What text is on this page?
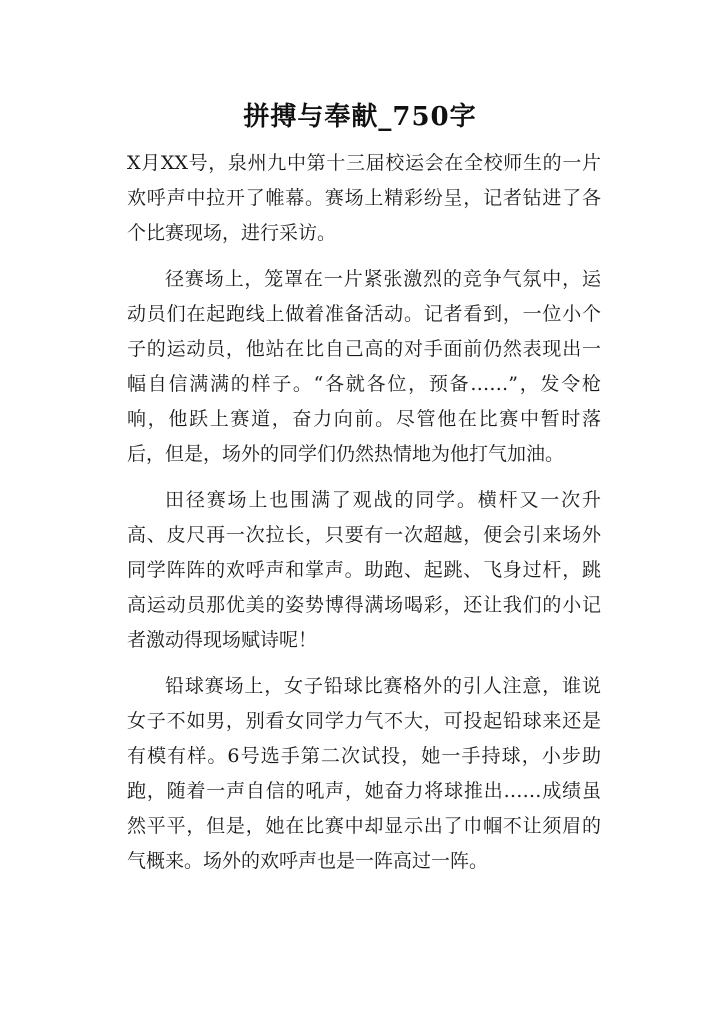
拼搏与奉献_750字

X月XX号，泉州九中第十三届校运会在全校师生的一片欢呼声中拉开了帷幕。赛场上精彩纷呈，记者钻进了各个比赛现场，进行采访。

径赛场上，笼罩在一片紧张激烈的竞争气氛中，运动员们在起跑线上做着准备活动。记者看到，一位小个子的运动员，他站在比自己高的对手面前仍然表现出一幅自信满满的样子。“各就各位，预备……”，发令枪响，他跃上赛道，奋力向前。尽管他在比赛中暂时落后，但是，场外的同学们仍然热情地为他打气加油。

田径赛场上也围满了观战的同学。横杆又一次升高、皮尺再一次拉长，只要有一次超越，便会引来场外同学阵阵的欢呼声和掌声。助跑、起跳、飞身过杆，跳高运动员那优美的姿势博得满场喝彩，还让我们的小记者激动得现场赋诗呢！

铅球赛场上，女子铅球比赛格外的引人注意，谁说女子不如男，别看女同学力气不大，可投起铅球来还是有模有样。6号选手第二次试投，她一手持球，小步助跑，随着一声自信的吼声，她奋力将球推出……成绩虽然平平，但是，她在比赛中却显示出了巾帼不让须眉的气概来。场外的欢呼声也是一阵高过一阵。
